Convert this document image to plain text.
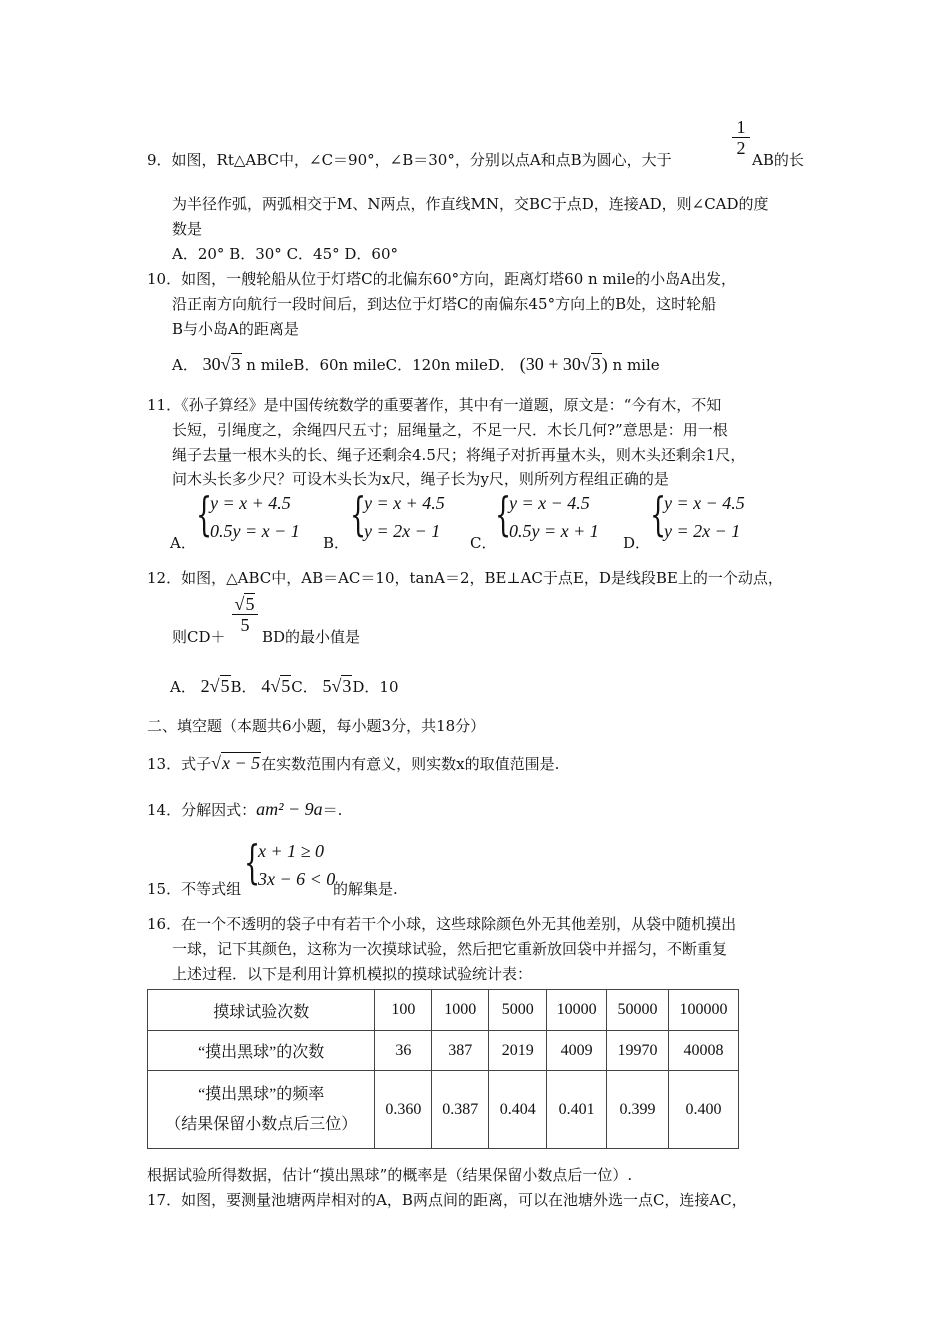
$\frac{1}{2}$
9．如图，Rt△ABC中，∠C＝90°，∠B＝30°，分别以点A和点B为圆心，大于	AB的长
为半径作弧，两弧相交于M、N两点，作直线MN，交BC于点D，连接AD，则∠CAD的度
数是
A．20° B．30° C．45° D．60°
10．如图，一艘轮船从位于灯塔C的北偏东60°方向，距离灯塔60 n mile的小岛A出发，
沿正南方向航行一段时间后，到达位于灯塔C的南偏东45°方向上的B处，这时轮船
B与小岛A的距离是
A． 30√3 n mileB．60n mileC．120n mileD． (30 + 30√3) n mile
11．《孙子算经》是中国传统数学的重要著作，其中有一道题，原文是：“今有木，不知
长短，引绳度之，余绳四尺五寸；屈绳量之，不足一尺．木长几何?”意思是：用一根
绳子去量一根木头的长、绳子还剩余4.5尺；将绳子对折再量木头，则木头还剩余1尺，
问木头长多少尺？可设木头长为x尺，绳子长为y尺，则所列方程组正确的是
A．
{
y = x + 4.5
0.5y = x − 1
B．
{
y = x + 4.5
y = 2x − 1
C．
{
y = x − 4.5
0.5y = x + 1
D．
{
y = x − 4.5
y = 2x − 1
12．如图，△ABC中，AB＝AC＝10，tanA＝2，BE⊥AC于点E，D是线段BE上的一个动点，
$\frac{√5}{5}$
则CD＋ BD的最小值是
A． 2√5B． 4√5C． 5√3D．10
二、填空题（本题共6小题，每小题3分，共18分）
13．式子√x − 5在实数范围内有意义，则实数x的取值范围是.
14．分解因式：am² − 9a＝.
{
x + 1 ≥ 0
3x − 6 < 0
15．不等式组	的解集是.
16．在一个不透明的袋子中有若干个小球，这些球除颜色外无其他差别，从袋中随机摸出
一球，记下其颜色，这称为一次摸球试验，然后把它重新放回袋中并摇匀，不断重复
上述过程．以下是利用计算机模拟的摸球试验统计表：
摸球试验次数	100	1000	5000	10000	50000	100000
“摸出黑球”的次数	36	387	2019	4009	19970	40008

“摸出黑球”的频率
（结果保留小数点后三位）	0.360	0.387	0.404	0.401	0.399	0.400
根据试验所得数据，估计“摸出黑球”的概率是（结果保留小数点后一位）.
17．如图，要测量池塘两岸相对的A，B两点间的距离，可以在池塘外选一点C，连接AC，
